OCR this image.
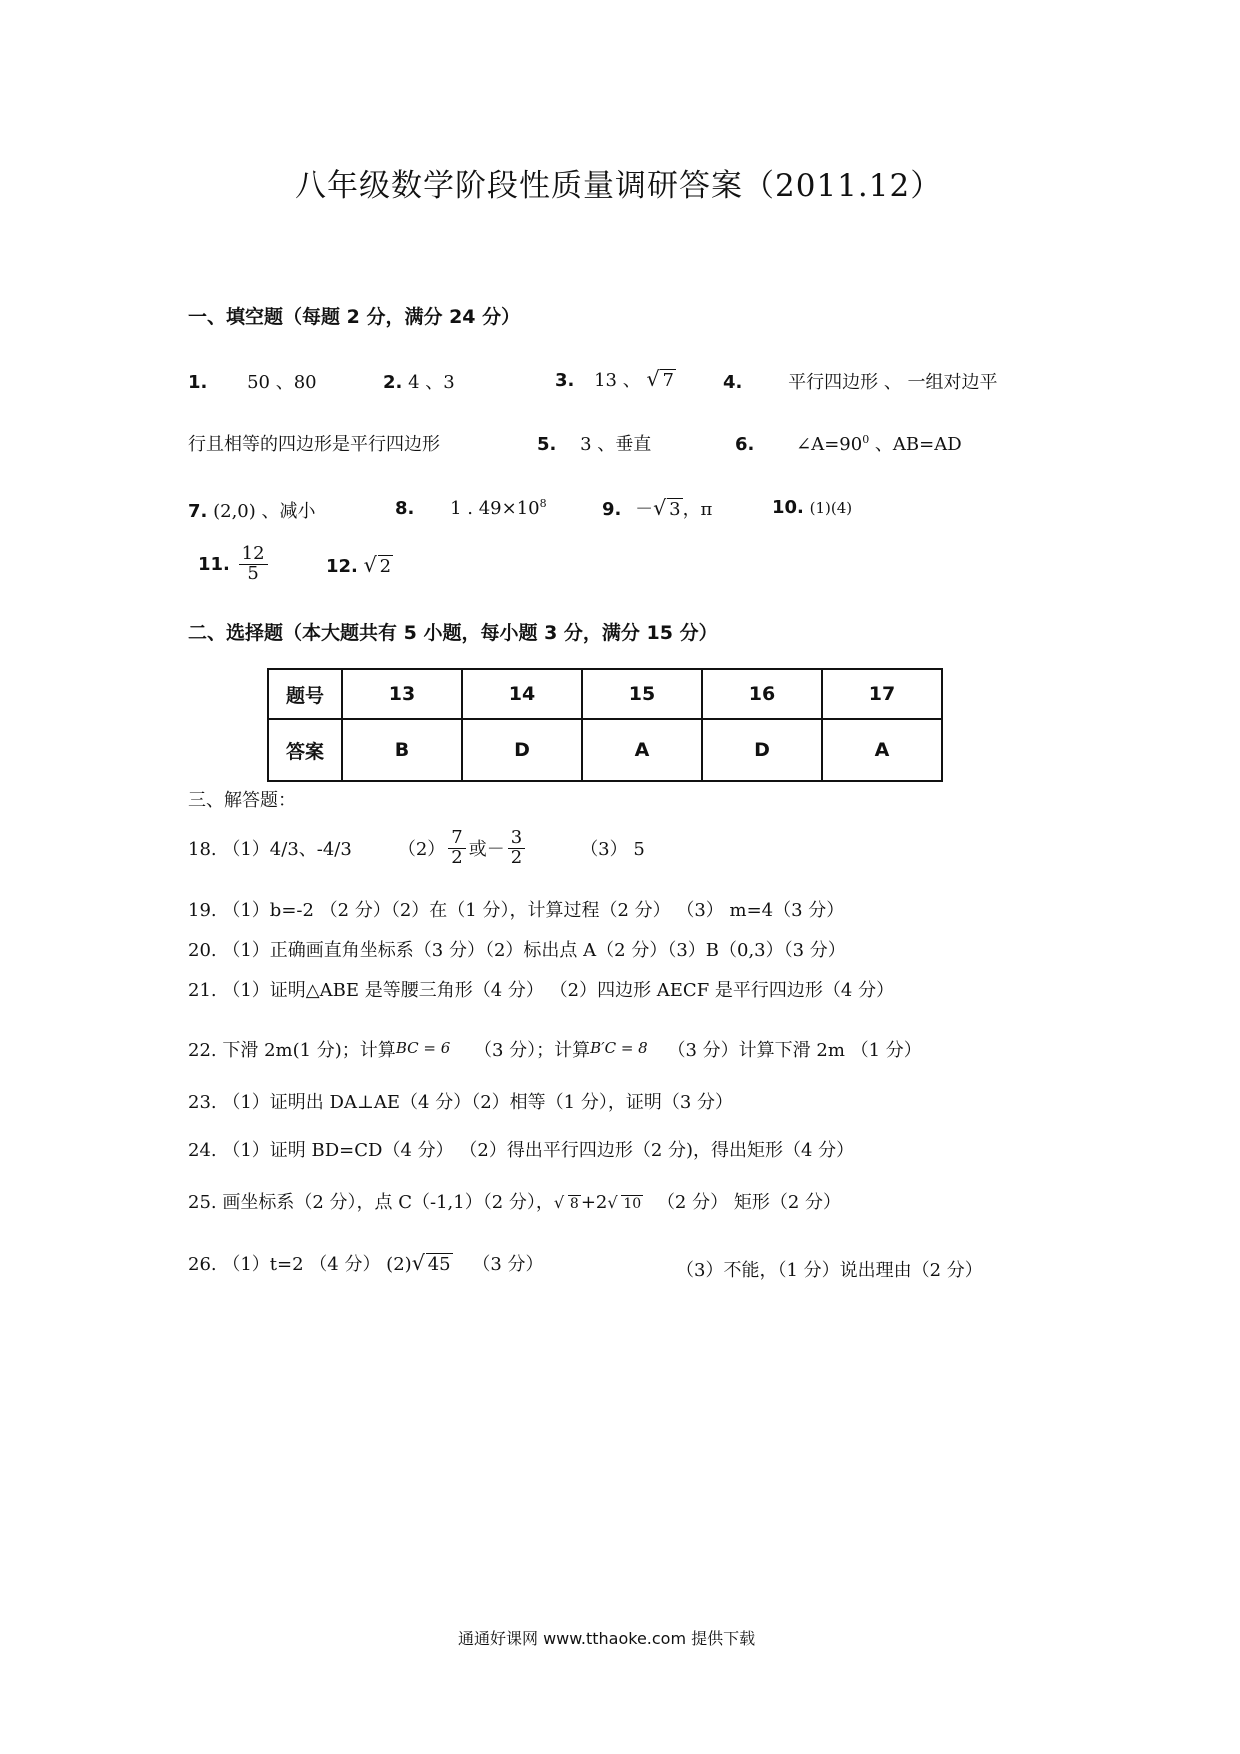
八年级数学阶段性质量调研答案（2011.12）
一、填空题（每题 2 分，满分 24 分）
1. 50 、80	2. 4 、3	3. 13 、 √ 7	4.	平行四边形 、 一组对边平
行且相等的四边形是平行四边形	5. 3 、垂直	6. $\angle A=90^0$ 、AB=AD
7. (2,0) 、减小	8. 1 . $49\times 10^8$	9. － √ 3 ，π	10. (1)(4)
11. $\frac{12}{5}$	12. √ 2
二、选择题（本大题共有 5 小题，每小题 3 分，满分 15 分）
题号	13	14	15	16	17
答案	B	D	A	D	A
三、解答题：
18. （1）4/3、-4/3	$(2) \frac{7}{2}$ 或－ $\frac{3}{2}$	（3） 5
19. （1）b=-2 （2 分）（2）在（1 分），计算过程（2 分） （3） m=4（3 分）
20. （1）正确画直角坐标系（3 分）（2）标出点 A（2 分）（3）B（0,3）（3 分）
21. （1）证明△ABE 是等腰三角形（4 分） （2）四边形 AECF 是平行四边形（4 分）
22. 下滑 2m(1 分)；计算BC = 6 （3 分）；计算B′C = 8 （3 分）计算下滑 2m （1 分）
23. （1）证明出 DA⊥AE（4 分）（2）相等（1 分），证明（3 分）
24. （1）证明 BD=CD（4 分） （2）得出平行四边形（2 分)，得出矩形（4 分）
25. 画坐标系（2 分），点 C（-1,1）（2 分）， √ 8 +2 √ 10 （2 分） 矩形（2 分）
26. （1）t=2 （4 分） (2) √ 45 （3 分）	（3）不能，（1 分）说出理由（2 分）
通通好课网 www.tthaoke.com 提供下载
